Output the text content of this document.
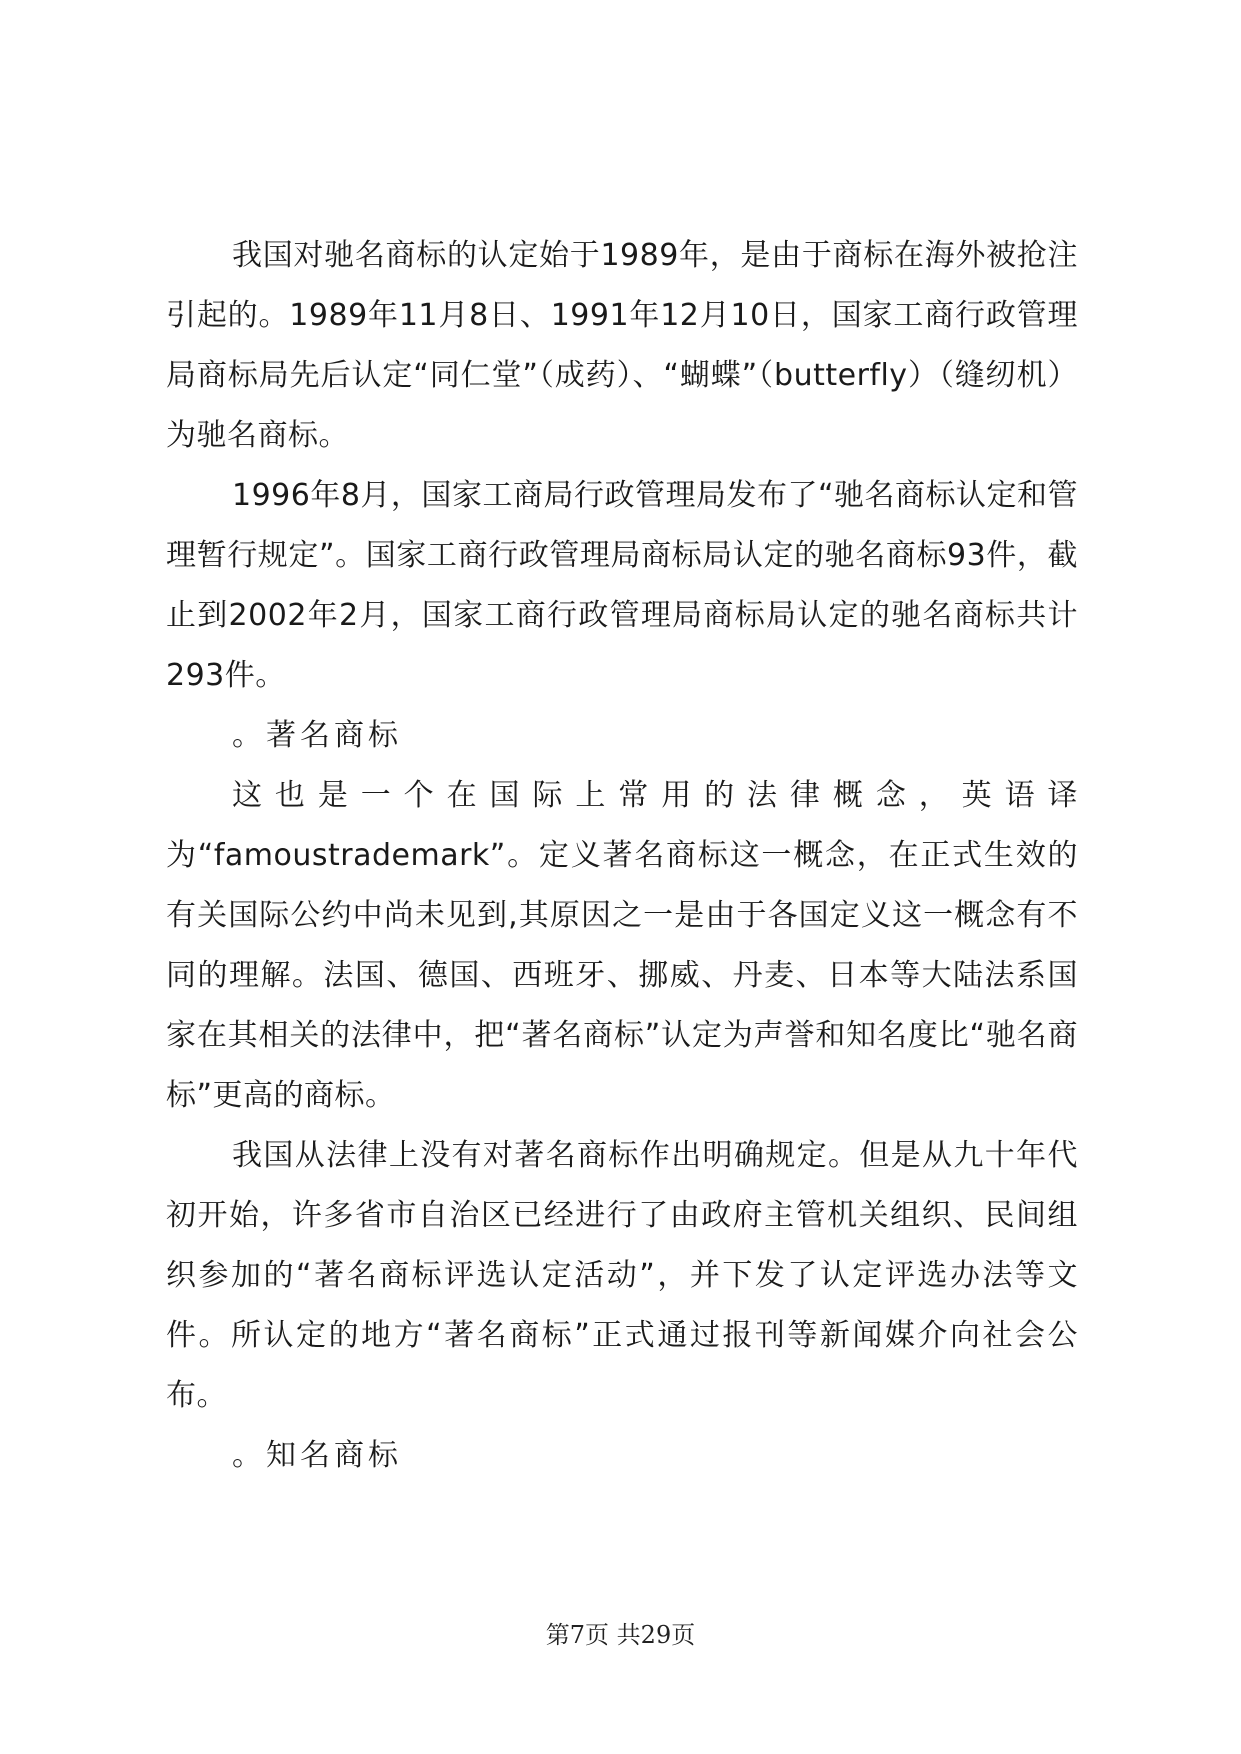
我国对驰名商标的认定始于1989年，是由于商标在海外被抢注引起的。1989年11月8日、1991年12月10日，国家工商行政管理局商标局先后认定“同仁堂”（成药）、“蝴蝶”（butterfly）（缝纫机）为驰名商标。

1996年8月，国家工商局行政管理局发布了“驰名商标认定和管理暂行规定”。国家工商行政管理局商标局认定的驰名商标93件，截止到2002年2月，国家工商行政管理局商标局认定的驰名商标共计293件。

。著名商标

这也是一个在国际上常用的法律概念，英语译为“famoustrademark”。定义著名商标这一概念，在正式生效的有关国际公约中尚未见到,其原因之一是由于各国定义这一概念有不同的理解。法国、德国、西班牙、挪威、丹麦、日本等大陆法系国家在其相关的法律中，把“著名商标”认定为声誉和知名度比“驰名商标”更高的商标。

我国从法律上没有对著名商标作出明确规定。但是从九十年代初开始，许多省市自治区已经进行了由政府主管机关组织、民间组织参加的“著名商标评选认定活动”，并下发了认定评选办法等文件。所认定的地方“著名商标”正式通过报刊等新闻媒介向社会公布。

。知名商标

第7页 共29页
